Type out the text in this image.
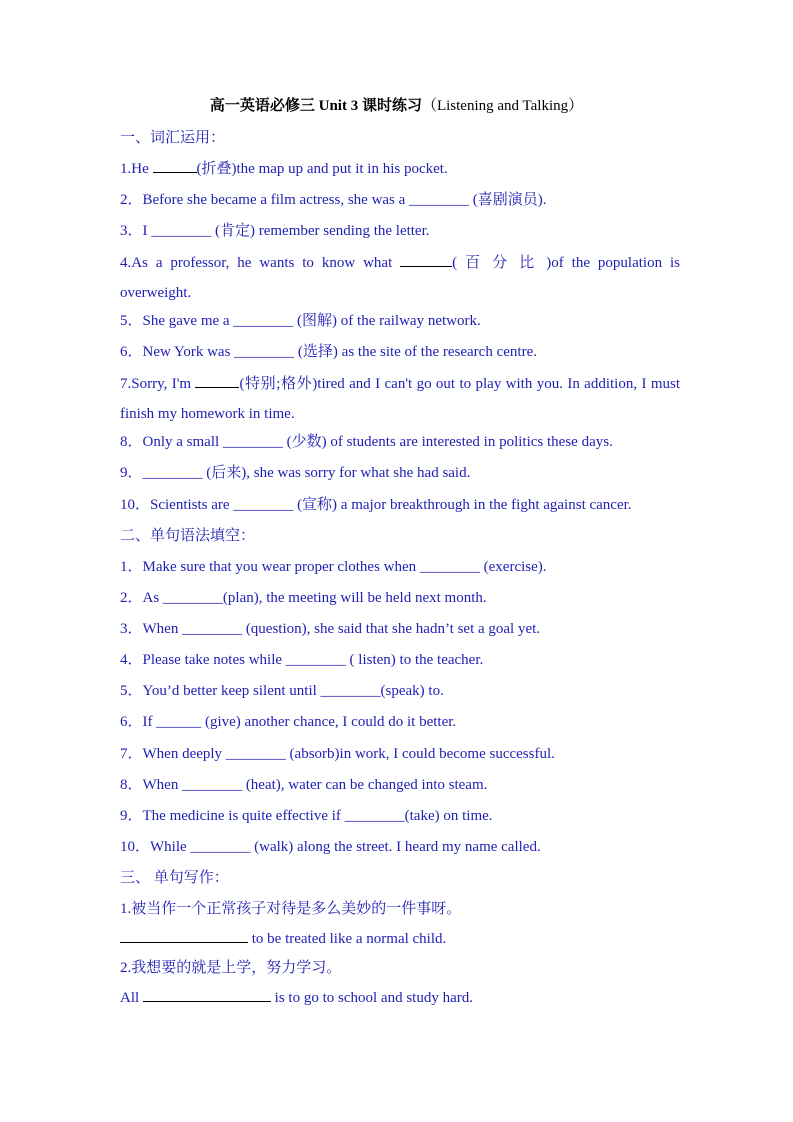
高一英语必修三 Unit 3 课时练习（Listening and Talking）
一、词汇运用：
1.He	(折叠)the map up and put it in his pocket.
2．Before she became a film actress, she was a ________ (喜剧演员).
3．I ________ (肯定) remember sending the letter.
4.As a professor, he wants to know what	( 百 分 比 )of the population is overweight.
5．She gave me a ________ (图解) of the railway network.
6．New York was ________ (选择) as the site of the research centre.
7.Sorry, I'm	(特别;格外)tired and I can't go out to play with you. In addition, I must finish my homework in time.
8．Only a small ________ (少数) of students are interested in politics these days.
9．________ (后来), she was sorry for what she had said.
10．Scientists are ________ (宣称) a major breakthrough in the fight against cancer.
二、单句语法填空：
1．Make sure that you wear proper clothes when ________ (exercise).
2．As ________(plan), the meeting will be held next month.
3．When ________ (question), she said that she hadn’t set a goal yet.
4．Please take notes while ________ ( listen) to the teacher.
5．You’d better keep silent until ________(speak) to.
6．If ______ (give) another chance, I could do it better.
7．When deeply ________ (absorb)in work, I could become successful.
8．When ________ (heat), water can be changed into steam.
9．The medicine is quite effective if ________(take) on time.
10．While ________ (walk) along the street. I heard my name called.
三、 单句写作：
1.被当作一个正常孩子对待是多么美妙的一件事呀。
to be treated like a normal child.
2.我想要的就是上学，努力学习。
All	is to go to school and study hard.
